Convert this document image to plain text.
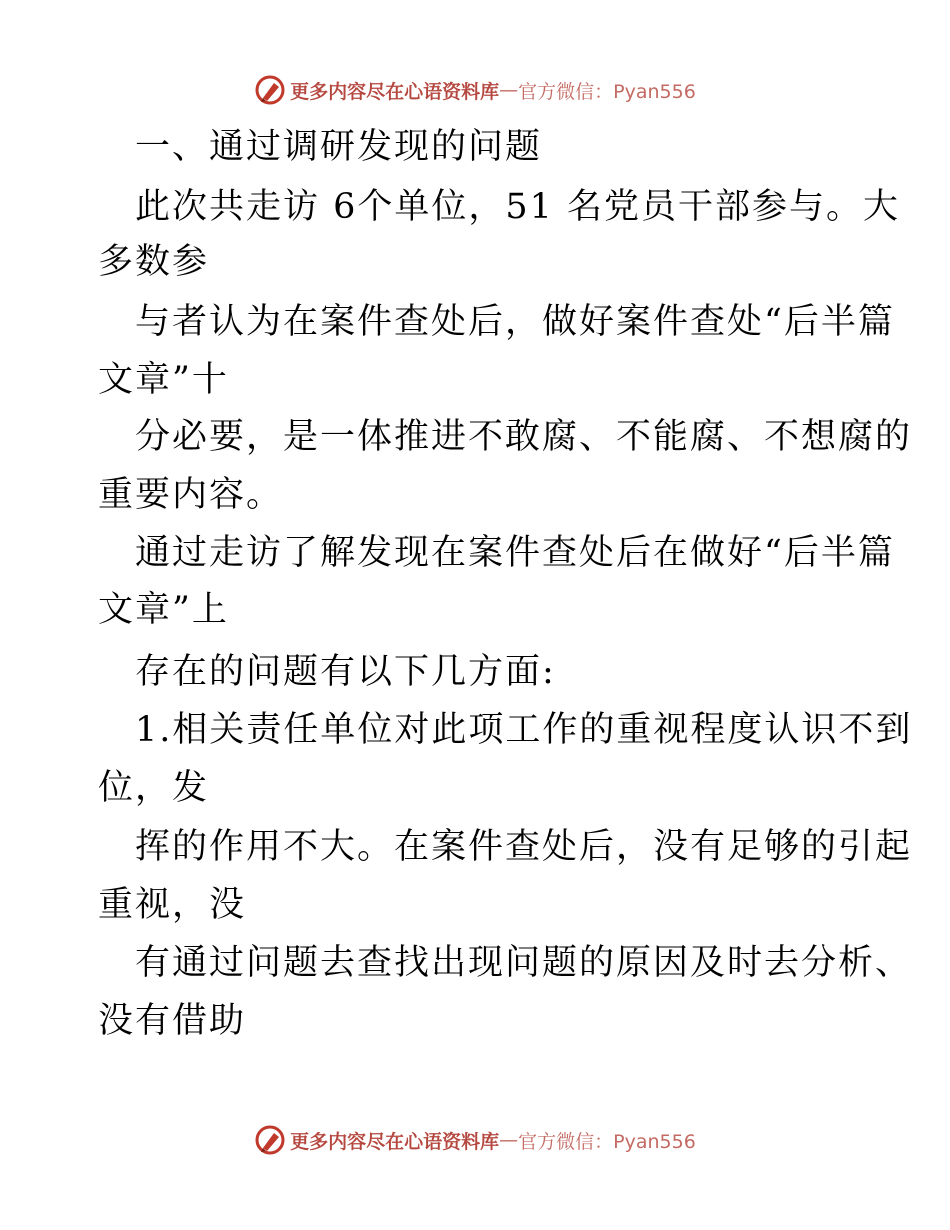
更多内容尽在心语资料库 — 官方微信：Pyan556
一、通过调研发现的问题
此次共走访 6个单位，51 名党员干部参与。大
多数参
与者认为在案件查处后，做好案件查处“后半篇
文章”十
分必要，是一体推进不敢腐、不能腐、不想腐的
重要内容。
通过走访了解发现在案件查处后在做好“后半篇
文章”上
存在的问题有以下几方面:
1.相关责任单位对此项工作的重视程度认识不到
位，发
挥的作用不大。在案件查处后，没有足够的引起
重视，没
有通过问题去查找出现问题的原因及时去分析、
没有借助
更多内容尽在心语资料库 — 官方微信：Pyan556
